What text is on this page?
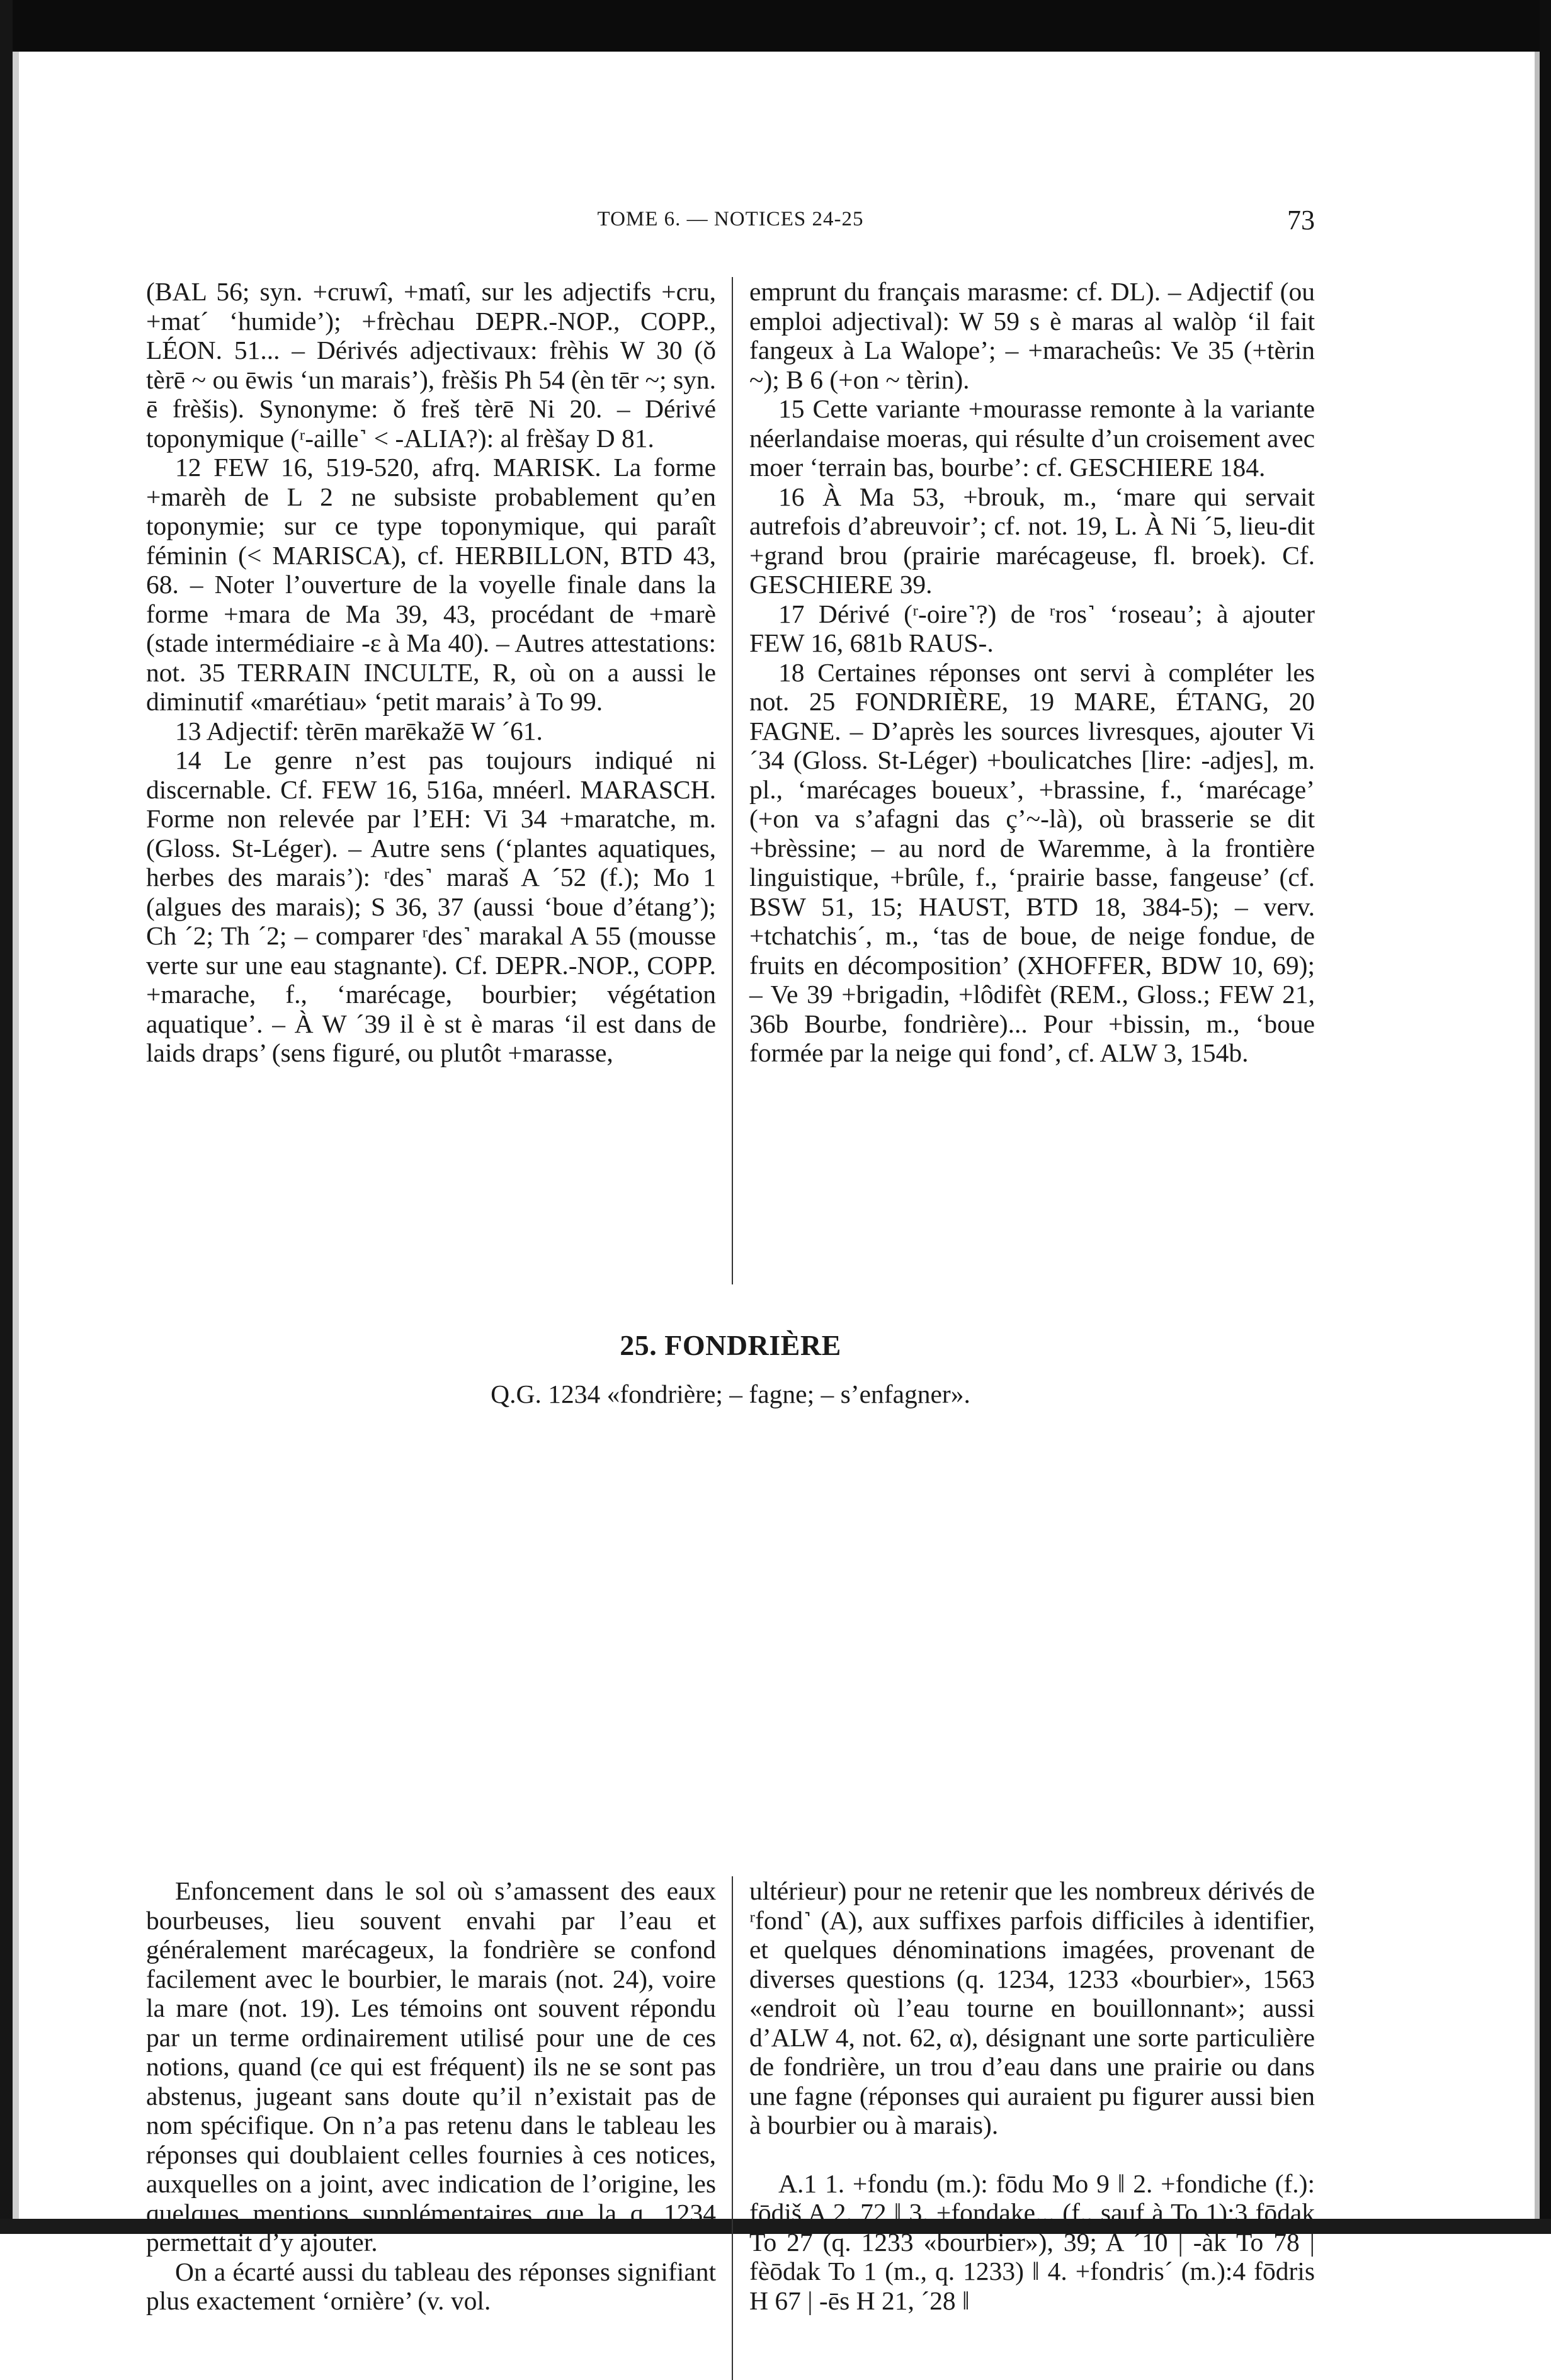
TOME 6. — NOTICES 24-25	73

(BAL 56; syn. +cruwî, +matî, sur les adjectifs +cru, +mat´ ‘humide’); +frèchau DEPR.-NOP., COPP., LÉON. 51... – Dérivés adjectivaux: frèhis W 30 (ǒ tèrē ~ ou ēwis ‘un marais’), frèšis Ph 54 (èn tēr ~; syn. ē frèšis). Synonyme: ǒ freš tèrē Ni 20. – Dérivé toponymique (ʳ-aille˺ < -ALIA?): al frèšay D 81.

12 FEW 16, 519-520, afrq. MARISK. La forme +marèh de L 2 ne subsiste probablement qu’en toponymie; sur ce type toponymique, qui paraît féminin (< MARISCA), cf. HERBILLON, BTD 43, 68. – Noter l’ouverture de la voyelle finale dans la forme +mara de Ma 39, 43, procédant de +marè (stade intermédiaire -ε à Ma 40). – Autres attestations: not. 35 TERRAIN INCULTE, R, où on a aussi le diminutif «marétiau» ‘petit marais’ à To 99.

13 Adjectif: tèrēn marēkažē W ´61.

14 Le genre n’est pas toujours indiqué ni discernable. Cf. FEW 16, 516a, mnéerl. MARASCH. Forme non relevée par l’EH: Vi 34 +maratche, m. (Gloss. St-Léger). – Autre sens (‘plantes aquatiques, herbes des marais’): ʳdes˺ maraš A ´52 (f.); Mo 1 (algues des marais); S 36, 37 (aussi ‘boue d’étang’); Ch ´2; Th ´2; – comparer ʳdes˺ marakal A 55 (mousse verte sur une eau stagnante). Cf. DEPR.-NOP., COPP. +marache, f., ‘marécage, bourbier; végétation aquatique’. – À W ´39 il è st è maras ‘il est dans de laids draps’ (sens figuré, ou plutôt +marasse,

emprunt du français marasme: cf. DL). – Adjectif (ou emploi adjectival): W 59 s è maras al walòp ‘il fait fangeux à La Walope’; – +maracheûs: Ve 35 (+tèrin ~); B 6 (+on ~ tèrin).

15 Cette variante +mourasse remonte à la variante néerlandaise moeras, qui résulte d’un croisement avec moer ‘terrain bas, bourbe’: cf. GESCHIERE 184.

16 À Ma 53, +brouk, m., ‘mare qui servait autrefois d’abreuvoir’; cf. not. 19, L. À Ni ´5, lieu-dit +grand brou (prairie marécageuse, fl. broek). Cf. GESCHIERE 39.

17 Dérivé (ʳ-oire˺?) de ʳros˺ ‘roseau’; à ajouter FEW 16, 681b RAUS-.

18 Certaines réponses ont servi à compléter les not. 25 FONDRIÈRE, 19 MARE, ÉTANG, 20 FAGNE. – D’après les sources livresques, ajouter Vi ´34 (Gloss. St-Léger) +boulicatches [lire: -adjes], m. pl., ‘marécages boueux’, +brassine, f., ‘marécage’ (+on va s’afagni das ç’~-là), où brasserie se dit +brèssine; – au nord de Waremme, à la frontière linguistique, +brûle, f., ‘prairie basse, fangeuse’ (cf. BSW 51, 15; HAUST, BTD 18, 384-5); – verv. +tchatchis´, m., ‘tas de boue, de neige fondue, de fruits en décomposition’ (XHOFFER, BDW 10, 69); – Ve 39 +brigadin, +lôdifèt (REM., Gloss.; FEW 21, 36b Bourbe, fondrière)... Pour +bissin, m., ‘boue formée par la neige qui fond’, cf. ALW 3, 154b.

25. FONDRIÈRE
Q.G. 1234 «fondrière; – fagne; – s’enfagner».

Enfoncement dans le sol où s’amassent des eaux bourbeuses, lieu souvent envahi par l’eau et généralement marécageux, la fondrière se confond facilement avec le bourbier, le marais (not. 24), voire la mare (not. 19). Les témoins ont souvent répondu par un terme ordinairement utilisé pour une de ces notions, quand (ce qui est fréquent) ils ne se sont pas abstenus, jugeant sans doute qu’il n’existait pas de nom spécifique. On n’a pas retenu dans le tableau les réponses qui doublaient celles fournies à ces notices, auxquelles on a joint, avec indication de l’origine, les quelques mentions supplémentaires que la q. 1234 permettait d’y ajouter.

On a écarté aussi du tableau des réponses signifiant plus exactement ‘ornière’ (v. vol.

ultérieur) pour ne retenir que les nombreux dérivés de ʳfond˺ (A), aux suffixes parfois difficiles à identifier, et quelques dénominations imagées, provenant de diverses questions (q. 1234, 1233 «bourbier», 1563 «endroit où l’eau tourne en bouillonnant»; aussi d’ALW 4, not. 62, α), désignant une sorte particulière de fondrière, un trou d’eau dans une prairie ou dans une fagne (réponses qui auraient pu figurer aussi bien à bourbier ou à marais).

A.1 1. +fondu (m.): fōdu Mo 9 ‖ 2. +fondiche (f.): fōdiš A 2, 72 ‖ 3. +fondake... (f., sauf à To 1):3 fōdak To 27 (q. 1233 «bourbier»), 39; A ´10 | -àk To 78 | fèōdak To 1 (m., q. 1233) ‖ 4. +fondris´ (m.):4 fōdris H 67 | -ēs H 21, ´28 ‖
